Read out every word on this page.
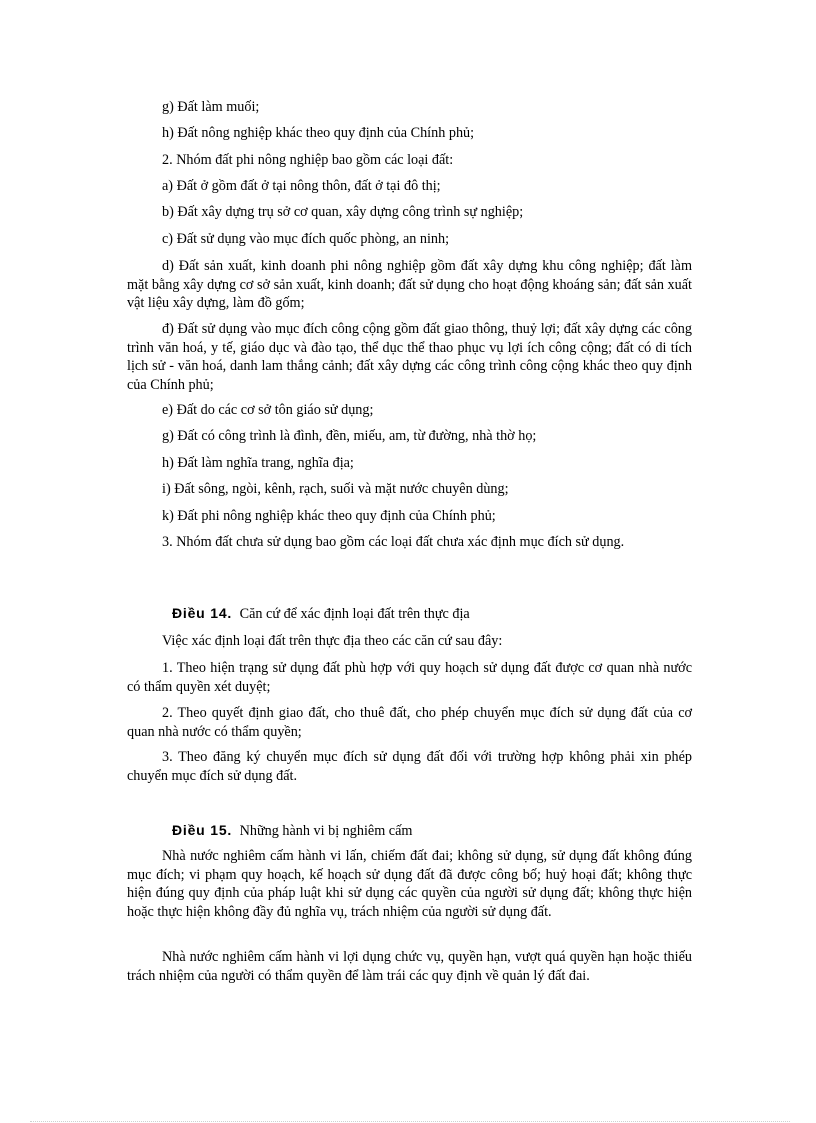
g) Đất làm muối;

h) Đất nông nghiệp khác theo quy định của Chính phủ;

2. Nhóm đất phi nông nghiệp bao gồm các loại đất:

a) Đất ở gồm đất ở tại nông thôn, đất ở tại đô thị;

b) Đất xây dựng trụ sở cơ quan, xây dựng công trình sự nghiệp;

c) Đất sử dụng vào mục đích quốc phòng, an ninh;

d) Đất sản xuất, kinh doanh phi nông nghiệp gồm đất xây dựng khu công nghiệp; đất làm mặt bằng xây dựng cơ sở sản xuất, kinh doanh; đất sử dụng cho hoạt động khoáng sản; đất sản xuất vật liệu xây dựng, làm đồ gốm;

đ) Đất sử dụng vào mục đích công cộng gồm đất giao thông, thuỷ lợi; đất xây dựng các công trình văn hoá, y tế, giáo dục và đào tạo, thể dục thể thao phục vụ lợi ích công cộng; đất có di tích lịch sử - văn hoá, danh lam thắng cảnh; đất xây dựng các công trình công cộng khác theo quy định của Chính phủ;

e) Đất do các cơ sở tôn giáo sử dụng;

g) Đất có công trình là đình, đền, miếu, am, từ đường, nhà thờ họ;

h) Đất làm nghĩa trang, nghĩa địa;

i) Đất sông, ngòi, kênh, rạch, suối và mặt nước chuyên dùng;

k) Đất phi nông nghiệp khác theo quy định của Chính phủ;

3. Nhóm đất chưa sử dụng bao gồm các loại đất chưa xác định mục đích sử dụng.

Điều 14. Căn cứ để xác định loại đất trên thực địa

Việc xác định loại đất trên thực địa theo các căn cứ sau đây:

1. Theo hiện trạng sử dụng đất phù hợp với quy hoạch sử dụng đất được cơ quan nhà nước có thẩm quyền xét duyệt;

2. Theo quyết định giao đất, cho thuê đất, cho phép chuyển mục đích sử dụng đất của cơ quan nhà nước có thẩm quyền;

3. Theo đăng ký chuyển mục đích sử dụng đất đối với trường hợp không phải xin phép chuyển mục đích sử dụng đất.

Điều 15. Những hành vi bị nghiêm cấm

Nhà nước nghiêm cấm hành vi lấn, chiếm đất đai; không sử dụng, sử dụng đất không đúng mục đích; vi phạm quy hoạch, kế hoạch sử dụng đất đã được công bố; huỷ hoại đất; không thực hiện đúng quy định của pháp luật khi sử dụng các quyền của người sử dụng đất; không thực hiện hoặc thực hiện không đầy đủ nghĩa vụ, trách nhiệm của người sử dụng đất.

Nhà nước nghiêm cấm hành vi lợi dụng chức vụ, quyền hạn, vượt quá quyền hạn hoặc thiếu trách nhiệm của người có thẩm quyền để làm trái các quy định về quản lý đất đai.
